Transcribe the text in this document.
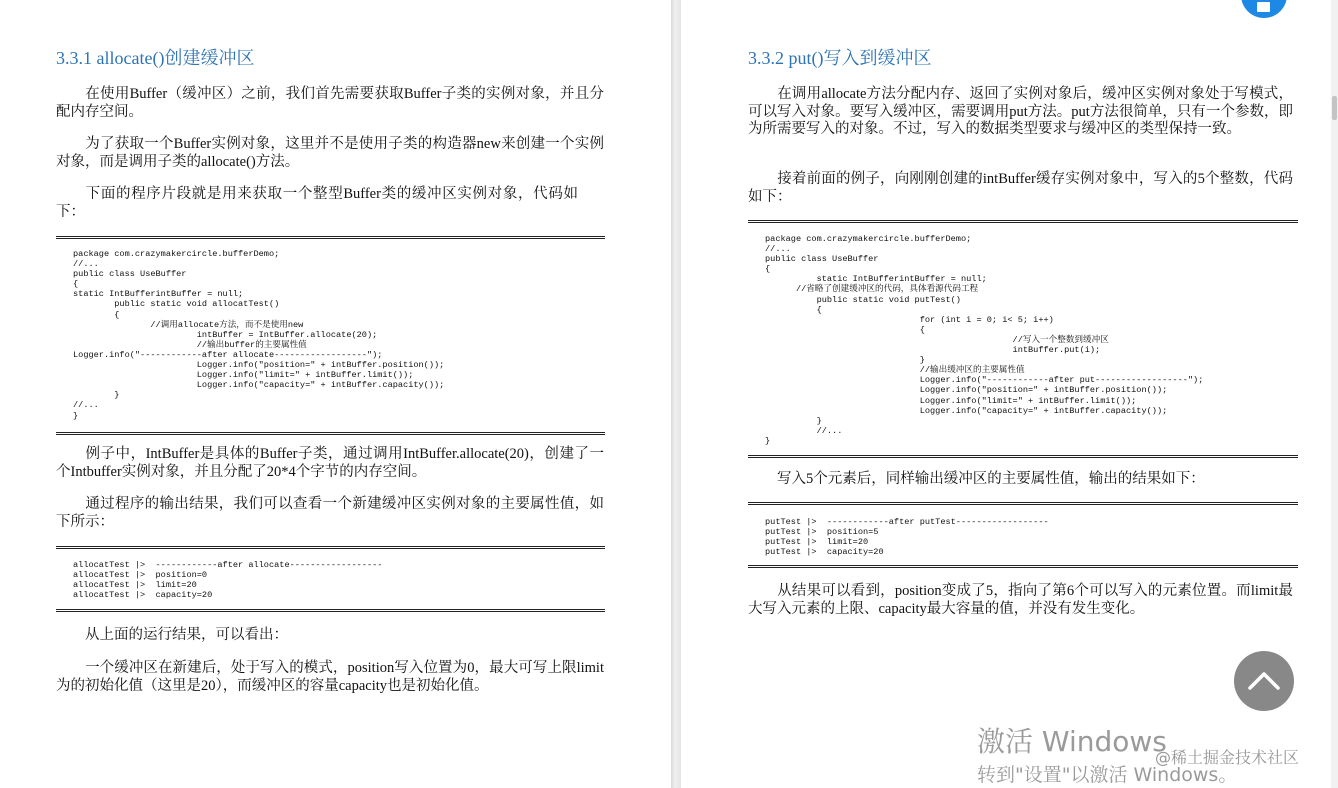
3.3.1 allocate()创建缓冲区
在使用Buffer（缓冲区）之前，我们首先需要获取Buffer子类的实例对象，并且分配内存空间。
为了获取一个Buffer实例对象，这里并不是使用子类的构造器new来创建一个实例对象，而是调用子类的allocate()方法。
下面的程序片段就是用来获取一个整型Buffer类的缓冲区实例对象，代码如下：
package com.crazymakercircle.bufferDemo;
//...
public class UseBuffer
{
static IntBufferintBuffer = null;
public static void allocatTest()
{
//调用allocate方法，而不是使用new
intBuffer = IntBuffer.allocate(20);
//输出buffer的主要属性值
Logger.info("------------after allocate------------------");
Logger.info("position=" + intBuffer.position());
Logger.info("limit=" + intBuffer.limit());
Logger.info("capacity=" + intBuffer.capacity());
}
//...
}
例子中，IntBuffer是具体的Buffer子类，通过调用IntBuffer.allocate(20)，创建了一个Intbuffer实例对象，并且分配了20*4个字节的内存空间。
通过程序的输出结果，我们可以查看一个新建缓冲区实例对象的主要属性值，如下所示：
allocatTest |>  ------------after allocate------------------
allocatTest |>  position=0
allocatTest |>  limit=20
allocatTest |>  capacity=20
从上面的运行结果，可以看出：
一个缓冲区在新建后，处于写入的模式，position写入位置为0，最大可写上限limit为的初始化值（这里是20），而缓冲区的容量capacity也是初始化值。
3.3.2 put()写入到缓冲区
在调用allocate方法分配内存、返回了实例对象后，缓冲区实例对象处于写模式，可以写入对象。要写入缓冲区，需要调用put方法。put方法很简单，只有一个参数，即为所需要写入的对象。不过，写入的数据类型要求与缓冲区的类型保持一致。
接着前面的例子，向刚刚创建的intBuffer缓存实例对象中，写入的5个整数，代码如下：
package com.crazymakercircle.bufferDemo;
//...
public class UseBuffer
{
static IntBufferintBuffer = null;
//省略了创建缓冲区的代码，具体看源代码工程
public static void putTest()
{
for (int i = 0; i< 5; i++)
{
//写入一个整数到缓冲区
intBuffer.put(i);
}
//输出缓冲区的主要属性值
Logger.info("------------after put------------------");
Logger.info("position=" + intBuffer.position());
Logger.info("limit=" + intBuffer.limit());
Logger.info("capacity=" + intBuffer.capacity());
}
//...
}
写入5个元素后，同样输出缓冲区的主要属性值，输出的结果如下：
putTest |>  ------------after putTest------------------
putTest |>  position=5
putTest |>  limit=20
putTest |>  capacity=20
从结果可以看到，position变成了5，指向了第6个可以写入的元素位置。而limit最大写入元素的上限、capacity最大容量的值，并没有发生变化。
激活 Windows
转到"设置"以激活 Windows。
@稀土掘金技术社区
